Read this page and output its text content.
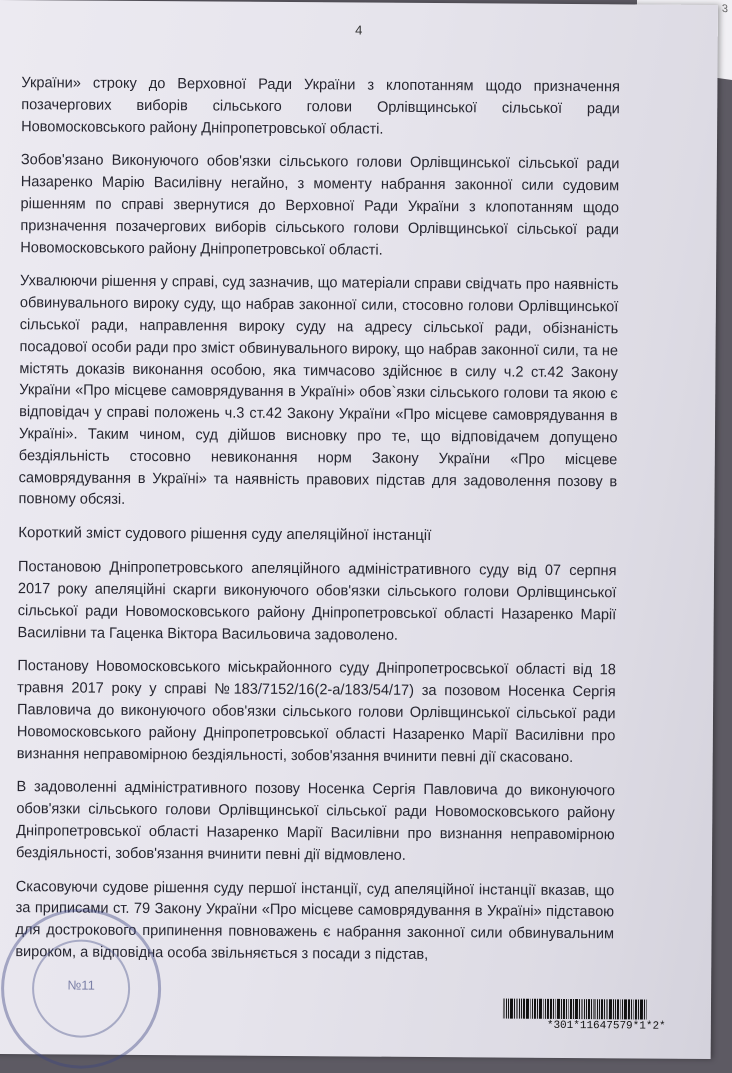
3
4

України» строку до Верховної Ради України з клопотанням щодо призначення позачергових виборів сільського голови Орлівщинської сільської ради Новомосковського району Дніпропетровської області.

Зобов'язано Виконуючого обов'язки сільського голови Орлівщинської сільської ради Назаренко Марію Василівну негайно, з моменту набрання законної сили судовим рішенням по справі звернутися до Верховної Ради України з клопотанням щодо призначення позачергових виборів сільського голови Орлівщинської сільської ради Новомосковського району Дніпропетровської області.

Ухвалюючи рішення у справі, суд зазначив, що матеріали справи свідчать про наявність обвинувального вироку суду, що набрав законної сили, стосовно голови Орлівщинської сільської ради, направлення вироку суду на адресу сільської ради, обізнаність посадової особи ради про зміст обвинувального вироку, що набрав законної сили, та не містять доказів виконання особою, яка тимчасово здійснює в силу ч.2 ст.42 Закону України «Про місцеве самоврядування в Україні» обов`язки сільського голови та якою є відповідач у справі положень ч.3 ст.42 Закону України «Про місцеве самоврядування в Україні». Таким чином, суд дійшов висновку про те, що відповідачем допущено бездіяльність стосовно невиконання норм Закону України «Про місцеве самоврядування в Україні» та наявність правових підстав для задоволення позову в повному обсязі.

Короткий зміст судового рішення суду апеляційної інстанції

Постановою Дніпропетровського апеляційного адміністративного суду від 07 серпня 2017 року апеляційні скарги виконуючого обов'язки сільського голови Орлівщинської сільської ради Новомосковського району Дніпропетровської області Назаренко Марії Василівни та Гаценка Віктора Васильовича задоволено.

Постанову Новомосковського міськрайонного суду Дніпропетросвської області від 18 травня 2017 року у справі №183/7152/16(2-а/183/54/17) за позовом Носенка Сергія Павловича до виконуючого обов'язки сільського голови Орлівщинської сільської ради Новомосковського району Дніпропетровської області Назаренко Марії Василівни про визнання неправомірною бездіяльності, зобов'язання вчинити певні дії скасовано.

В задоволенні адміністративного позову Носенка Сергія Павловича до виконуючого обов'язки сільського голови Орлівщинської сільської ради Новомосковського району Дніпропетровської області Назаренко Марії Василівни про визнання неправомірною бездіяльності, зобов'язання вчинити певні дії відмовлено.

Скасовуючи судове рішення суду першої інстанції, суд апеляційної інстанції вказав, що за приписами ст. 79 Закону України «Про місцеве самоврядування в Україні» підставою для дострокового припинення повноважень є набрання законної сили обвинувальним вироком, а відповідна особа звільняється з посади з підстав,

№11
*301*11647579*1*2*
